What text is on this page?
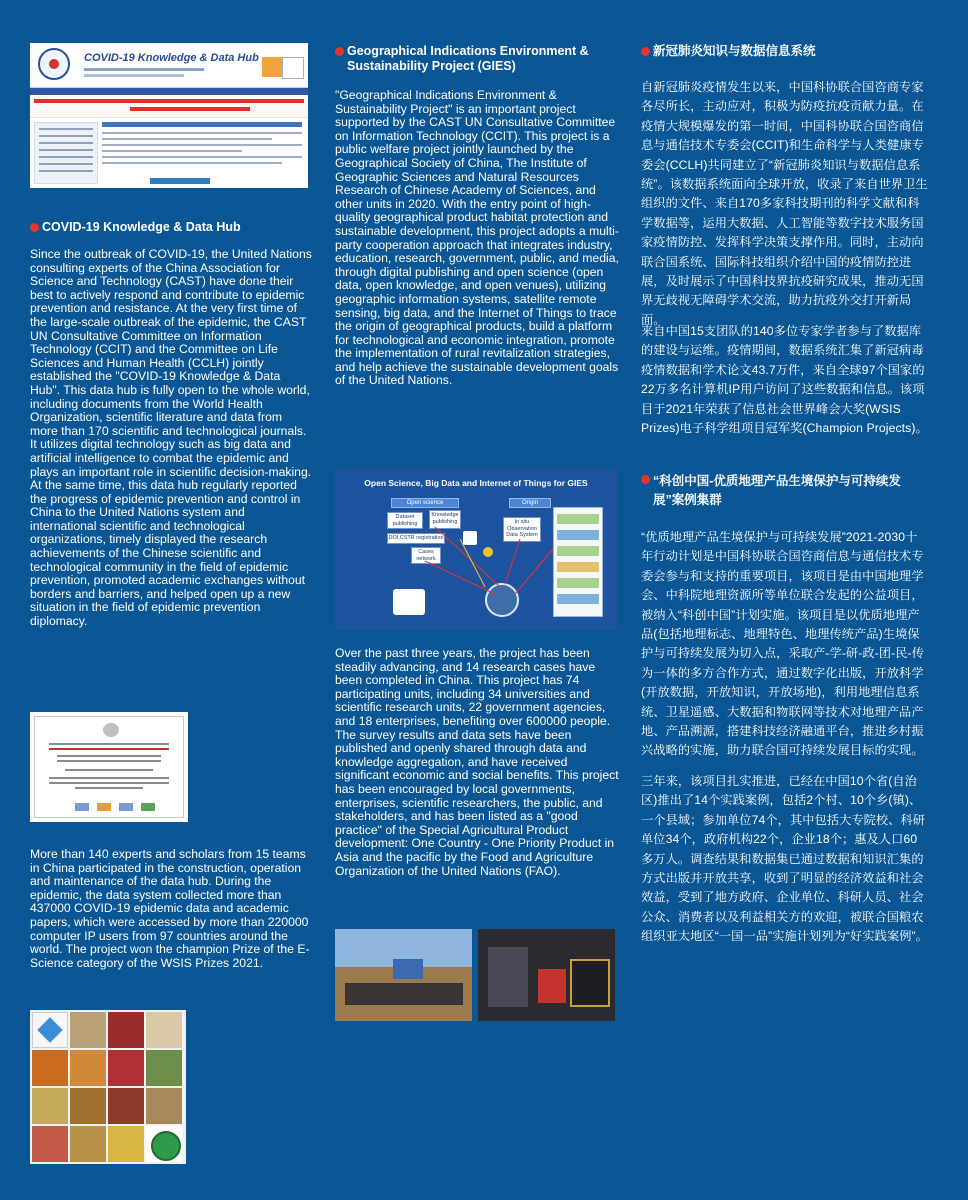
COVID-19 Knowledge & Data Hub
COVID-19 Knowledge & Data Hub

Since the outbreak of COVID-19, the United Nations consulting experts of the China Association for Science and Technology (CAST) have done their best to actively respond and contribute to epidemic prevention and resistance. At the very first time of the large-scale outbreak of the epidemic, the CAST UN Consultative Committee on Information Technology (CCIT) and the Committee on Life Sciences and Human Health (CCLH) jointly established the "COVID-19 Knowledge & Data Hub". This data hub is fully open to the whole world, including documents from the World Health Organization, scientific literature and data from more than 170 scientific and technological journals. It utilizes digital technology such as big data and artificial intelligence to combat the epidemic and plays an important role in scientific decision-making. At the same time, this data hub regularly reported the progress of epidemic prevention and control in China to the United Nations system and international scientific and technological organizations, timely displayed the research achievements of the Chinese scientific and technological community in the field of epidemic prevention, promoted academic exchanges without borders and barriers, and helped open up a new situation in the field of epidemic prevention diplomacy.

More than 140 experts and scholars from 15 teams in China participated in the construction, operation and maintenance of the data hub. During the epidemic, the data system collected more than 437000 COVID-19 epidemic data and academic papers, which were accessed by more than 220000 computer IP users from 97 countries around the world. The project won the champion Prize of the E-Science category of the WSIS Prizes 2021.

Geographical Indications Environment & Sustainability Project (GIES)

"Geographical Indications Environment & Sustainability Project" is an important project supported by the CAST UN Consultative Committee on Information Technology (CCIT). This project is a public welfare project jointly launched by the Geographical Society of China, The Institute of Geographic Sciences and Natural Resources Research of Chinese Academy of Sciences, and other units in 2020. With the entry point of high-quality geographical product habitat protection and sustainable development, this project adopts a multi-party cooperation approach that integrates industry, education, research, government, public, and media, through digital publishing and open science (open data, open knowledge, and open venues), utilizing geographic information systems, satellite remote sensing, big data, and the Internet of Things to trace the origin of geographical products, build a platform for technological and economic integration, promote the implementation of rural revitalization strategies, and help achieve the sustainable development goals of the United Nations.

Open Science, Big Data and Internet of Things for GIES
Open science	Origin
Dataset publishing
Knowledge publishing
DOI,CSTR registration
Cases network
In situ Observation Data System

Over the past three years, the project has been steadily advancing, and 14 research cases have been completed in China. This project has 74 participating units, including 34 universities and scientific research units, 22 government agencies, and 18 enterprises, benefiting over 600000 people. The survey results and data sets have been published and openly shared through data and knowledge aggregation, and have received significant economic and social benefits. This project has been encouraged by local governments, enterprises, scientific researchers, the public, and stakeholders, and has been listed as a "good practice" of the Special Agricultural Product development: One Country - One Priority Product in Asia and the pacific by the Food and Agriculture Organization of the United Nations (FAO).

新冠肺炎知识与数据信息系统

自新冠肺炎疫情发生以来，中国科协联合国咨商专家各尽所长，主动应对，积极为防疫抗疫贡献力量。在疫情大规模爆发的第一时间，中国科协联合国咨商信息与通信技术专委会(CCIT)和生命科学与人类健康专委会(CCLH)共同建立了“新冠肺炎知识与数据信息系统”。该数据系统面向全球开放，收录了来自世界卫生组织的文件、来自170多家科技期刊的科学文献和科学数据等，运用大数据、人工智能等数字技术服务国家疫情防控、发挥科学决策支撑作用。同时，主动向联合国系统、国际科技组织介绍中国的疫情防控进展，及时展示了中国科技界抗疫研究成果，推动无国界无歧视无障碍学术交流，助力抗疫外交打开新局面。

来自中国15支团队的140多位专家学者参与了数据库的建设与运维。疫情期间，数据系统汇集了新冠病毒疫情数据和学术论文43.7万件，来自全球97个国家的22万多名计算机IP用户访问了这些数据和信息。该项目于2021年荣获了信息社会世界峰会大奖(WSIS Prizes)电子科学组项目冠军奖(Champion Projects)。

“科创中国-优质地理产品生境保护与可持续发展”案例集群

“优质地理产品生境保护与可持续发展”2021-2030十年行动计划是中国科协联合国咨商信息与通信技术专委会参与和支持的重要项目，该项目是由中国地理学会、中科院地理资源所等单位联合发起的公益项目，被纳入“科创中国”计划实施。该项目是以优质地理产品(包括地理标志、地理特色、地理传统产品)生境保护与可持续发展为切入点，采取产-学-研-政-团-民-传为一体的多方合作方式，通过数字化出版，开放科学(开放数据，开放知识，开放场地)，利用地理信息系统、卫星遥感、大数据和物联网等技术对地理产品产地、产品溯源，搭建科技经济融通平台，推进乡村振兴战略的实施，助力联合国可持续发展目标的实现。

三年来，该项目扎实推进，已经在中国10个省(自治区)推出了14个实践案例，包括2个村、10个乡(镇)、一个县域；参加单位74个，其中包括大专院校、科研单位34个，政府机构22个，企业18个；惠及人口60多万人。调查结果和数据集已通过数据和知识汇集的方式出版并开放共享，收到了明显的经济效益和社会效益，受到了地方政府、企业单位、科研人员、社会公众、消费者以及利益相关方的欢迎，被联合国粮农组织亚太地区“一国一品”实施计划列为“好实践案例”。
